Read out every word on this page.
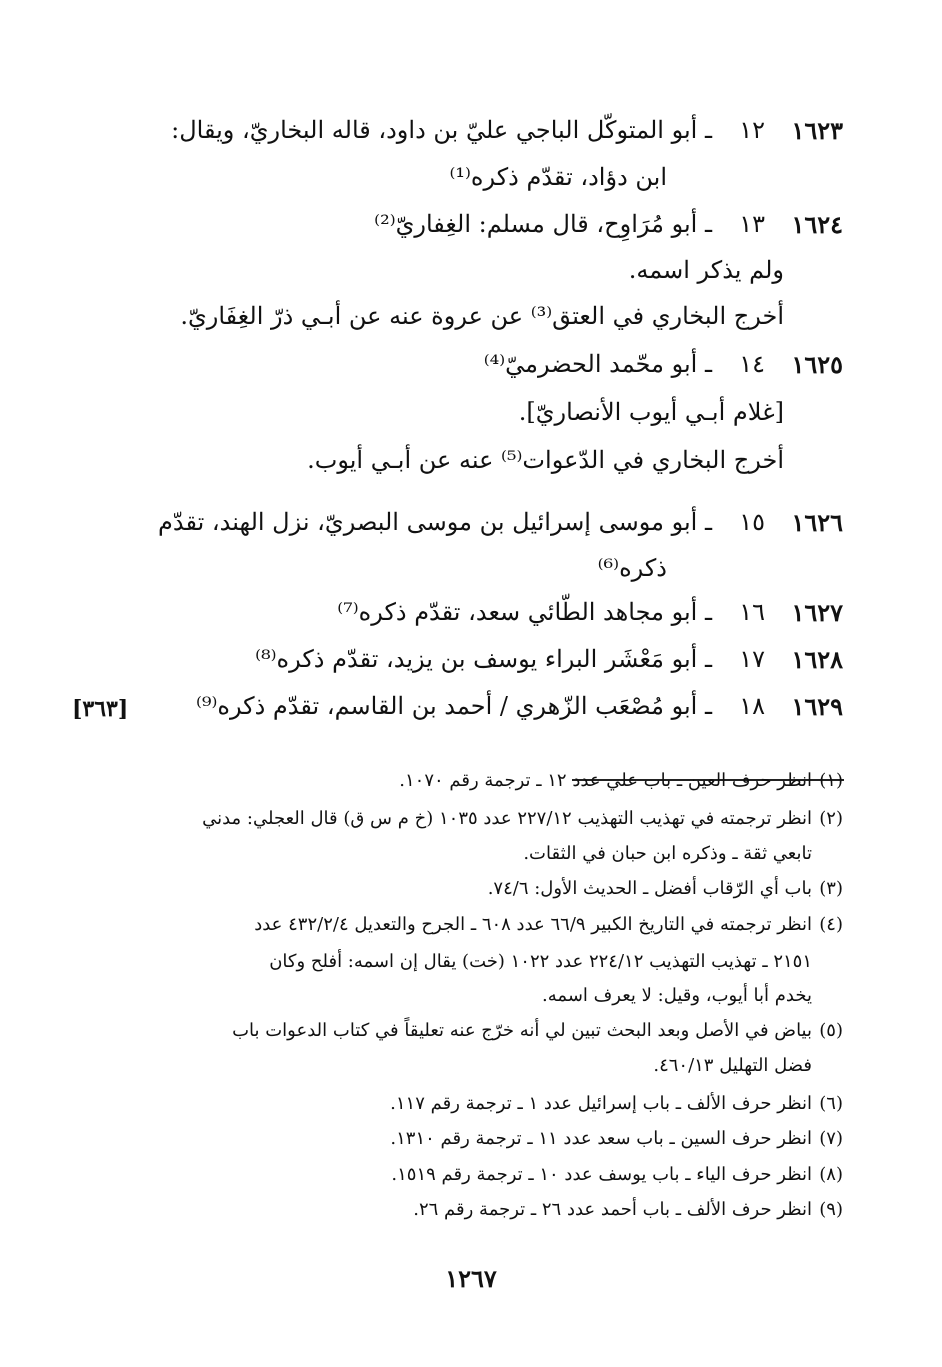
١٦٢٣
١٢
ـ أبو المتوكّل الباجي عليّ بن داود، قاله البخاريّ، ويقال:
ابن دؤاد، تقدّم ذكره⁽¹⁾
١٦٢٤
١٣
ـ أبو مُرَاوِح، قال مسلم: الغِفاريّ⁽²⁾
ولم يذكر اسمه.
أخرج البخاري في العتق⁽³⁾ عن عروة عنه عن أبـي ذرّ الغِفَاريّ.
١٦٢٥
١٤
ـ أبو محّمد الحضرميّ⁽⁴⁾
[غلام أبـي أيوب الأنصاريّ].
أخرج البخاري في الدّعوات⁽⁵⁾ عنه عن أبـي أيوب.
١٦٢٦
١٥
ـ أبو موسى إسرائيل بن موسى البصريّ، نزل الهند، تقدّم
ذكره⁽⁶⁾
١٦٢٧
١٦
ـ أبو مجاهد الطّائي سعد، تقدّم ذكره⁽⁷⁾
١٦٢٨
١٧
ـ أبو مَعْشَر البراء يوسف بن يزيد، تقدّم ذكره⁽⁸⁾
١٦٢٩
١٨
ـ أبو مُصْعَب الزّهري / أحمد بن القاسم، تقدّم ذكره⁽⁹⁾
[٣٦٣]
(١)
انظر حرف العين ـ باب علي عدد ١٢ ـ ترجمة رقم ١٠٧٠.
(٢)
انظر ترجمته في تهذيب التهذيب ٢٢٧/١٢ عدد ١٠٣٥ (خ م س ق) قال العجلي: مدني
تابعي ثقة ـ وذكره ابن حبان في الثقات.
(٣)
باب أي الرّقاب أفضل ـ الحديث الأول: ٧٤/٦.
(٤)
انظر ترجمته في التاريخ الكبير ٦٦/٩ عدد ٦٠٨ ـ الجرح والتعديل ٤٣٢/٢/٤ عدد
٢١٥١ ـ تهذيب التهذيب ٢٢٤/١٢ عدد ١٠٢٢ (خت) يقال إن اسمه: أفلح وكان
يخدم أبا أيوب، وقيل: لا يعرف اسمه.
(٥)
بياض في الأصل وبعد البحث تبين لي أنه خرّج عنه تعليقاً في كتاب الدعوات باب
فضل التهليل ٤٦٠/١٣.
(٦)
انظر حرف الألف ـ باب إسرائيل عدد ١ ـ ترجمة رقم ١١٧.
(٧)
انظر حرف السين ـ باب سعد عدد ١١ ـ ترجمة رقم ١٣١٠.
(٨)
انظر حرف الياء ـ باب يوسف عدد ١٠ ـ ترجمة رقم ١٥١٩.
(٩)
انظر حرف الألف ـ باب أحمد عدد ٢٦ ـ ترجمة رقم ٢٦.
١٢٦٧
